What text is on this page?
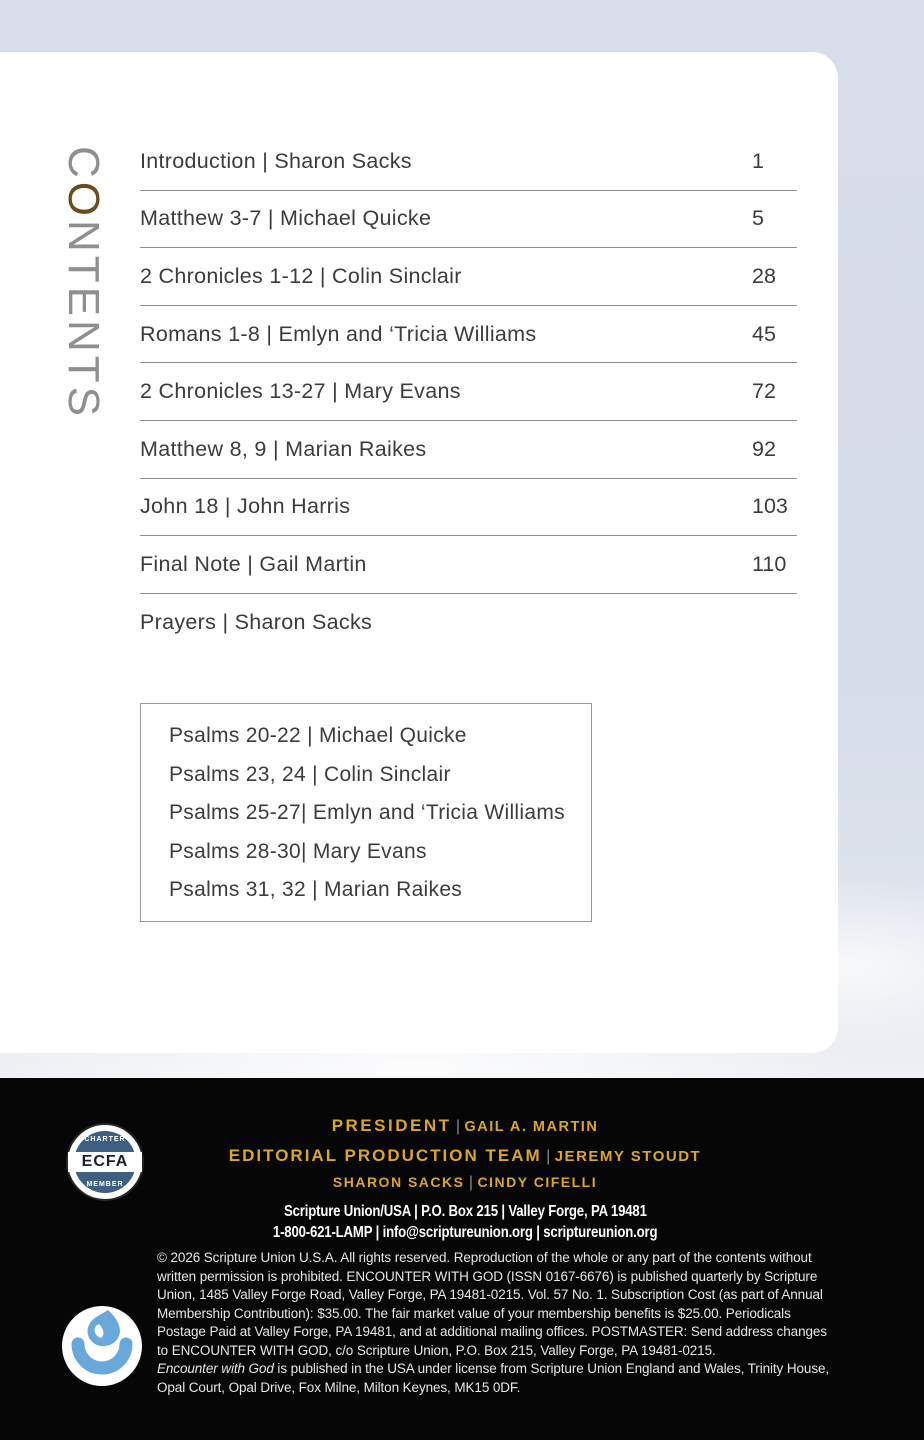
CONTENTS
Introduction | Sharon Sacks	1
Matthew 3-7 | Michael Quicke	5
2 Chronicles 1-12 | Colin Sinclair	28
Romans 1-8 | Emlyn and ‘Tricia Williams	45
2 Chronicles 13-27 | Mary Evans	72
Matthew 8, 9 | Marian Raikes	92
John 18 | John Harris	103
Final Note | Gail Martin	110
Prayers | Sharon Sacks
Psalms 20-22 | Michael Quicke
Psalms 23, 24 | Colin Sinclair
Psalms 25-27| Emlyn and ‘Tricia Williams
Psalms 28-30| Mary Evans
Psalms 31, 32 | Marian Raikes
CHARTER
ECFA
MEMBER
PRESIDENT | GAIL A. MARTIN
EDITORIAL PRODUCTION TEAM | JEREMY STOUDT
SHARON SACKS | CINDY CIFELLI
Scripture Union/USA | P.O. Box 215 | Valley Forge, PA 19481
1-800-621-LAMP | info@scriptureunion.org | scriptureunion.org
© 2026 Scripture Union U.S.A. All rights reserved. Reproduction of the whole or any part of the contents without written permission is prohibited. ENCOUNTER WITH GOD (ISSN 0167-6676) is published quarterly by Scripture Union, 1485 Valley Forge Road, Valley Forge, PA 19481-0215. Vol. 57 No. 1. Subscription Cost (as part of Annual Membership Contribution): $35.00. The fair market value of your membership benefits is $25.00. Periodicals Postage Paid at Valley Forge, PA 19481, and at additional mailing offices. POSTMASTER: Send address changes to ENCOUNTER WITH GOD, c/o Scripture Union, P.O. Box 215, Valley Forge, PA 19481-0215.
Encounter with God is published in the USA under license from Scripture Union England and Wales, Trinity House, Opal Court, Opal Drive, Fox Milne, Milton Keynes, MK15 0DF.
